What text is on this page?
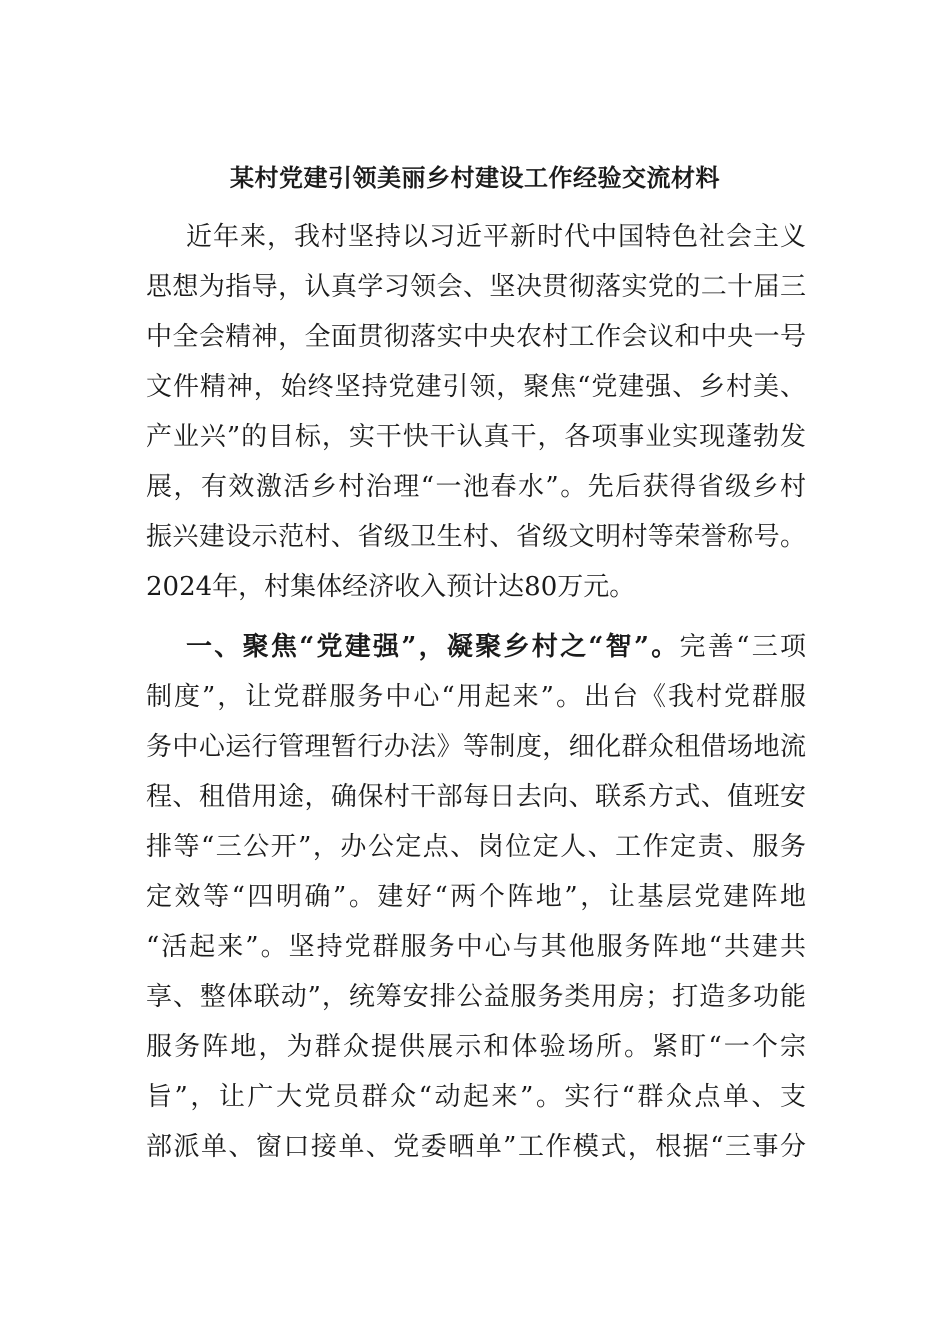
某村党建引领美丽乡村建设工作经验交流材料
近年来，我村坚持以习近平新时代中国特色社会主义
思想为指导，认真学习领会、坚决贯彻落实党的二十届三
中全会精神，全面贯彻落实中央农村工作会议和中央一号
文件精神，始终坚持党建引领，聚焦“党建强、乡村美、
产业兴”的目标，实干快干认真干，各项事业实现蓬勃发
展，有效激活乡村治理“一池春水”。先后获得省级乡村
振兴建设示范村、省级卫生村、省级文明村等荣誉称号。
2024年，村集体经济收入预计达80万元。
一、聚焦“党建强”，凝聚乡村之“智”。完善“三项
制度”，让党群服务中心“用起来”。出台《我村党群服
务中心运行管理暂行办法》等制度，细化群众租借场地流
程、租借用途，确保村干部每日去向、联系方式、值班安
排等“三公开”，办公定点、岗位定人、工作定责、服务
定效等“四明确”。建好“两个阵地”，让基层党建阵地
“活起来”。坚持党群服务中心与其他服务阵地“共建共
享、整体联动”，统筹安排公益服务类用房；打造多功能
服务阵地，为群众提供展示和体验场所。紧盯“一个宗
旨”，让广大党员群众“动起来”。实行“群众点单、支
部派单、窗口接单、党委晒单”工作模式，根据“三事分
